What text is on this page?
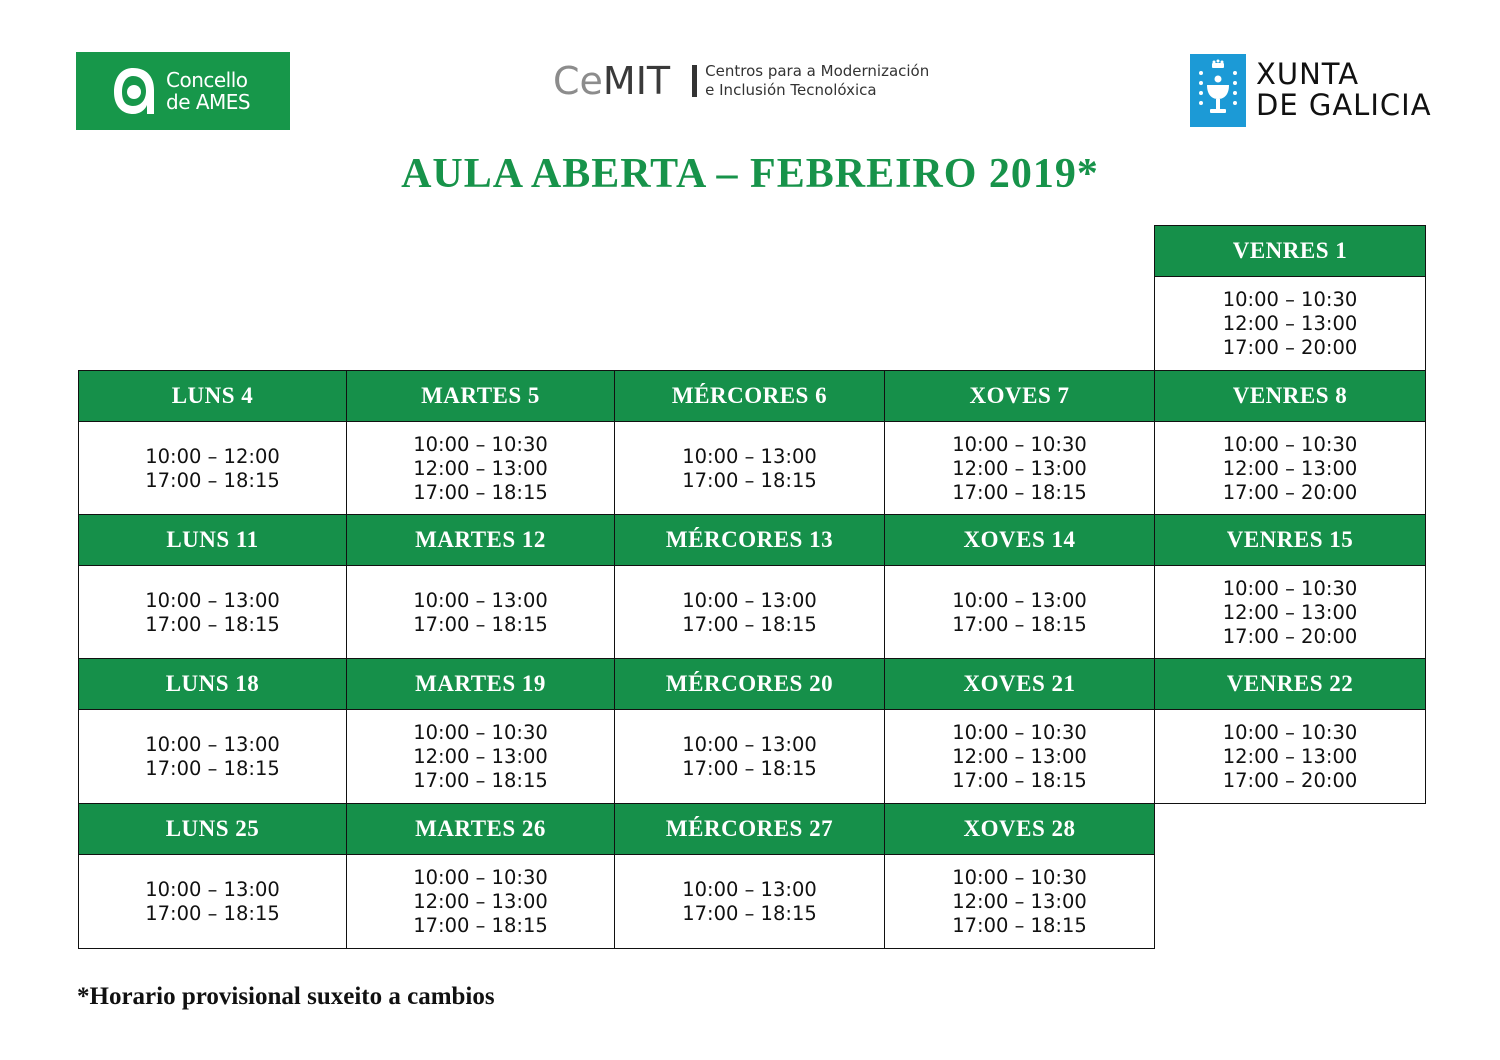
Concello
de AMES	CeMIT Centros para a Modernización
e Inclusión Tecnolóxica	XUNTA
DE GALICIA
AULA ABERTA – FEBREIRO 2019*
VENRES 1
10:00 – 10:30
12:00 – 13:00
17:00 – 20:00
LUNS 4
10:00 – 12:00
17:00 – 18:15
MARTES 5
10:00 – 10:30
12:00 – 13:00
17:00 – 18:15
MÉRCORES 6
10:00 – 13:00
17:00 – 18:15
XOVES 7
10:00 – 10:30
12:00 – 13:00
17:00 – 18:15
VENRES 8
10:00 – 10:30
12:00 – 13:00
17:00 – 20:00
LUNS 11
10:00 – 13:00
17:00 – 18:15
MARTES 12
10:00 – 13:00
17:00 – 18:15
MÉRCORES 13
10:00 – 13:00
17:00 – 18:15
XOVES 14
10:00 – 13:00
17:00 – 18:15
VENRES 15
10:00 – 10:30
12:00 – 13:00
17:00 – 20:00
LUNS 18
10:00 – 13:00
17:00 – 18:15
MARTES 19
10:00 – 10:30
12:00 – 13:00
17:00 – 18:15
MÉRCORES 20
10:00 – 13:00
17:00 – 18:15
XOVES 21
10:00 – 10:30
12:00 – 13:00
17:00 – 18:15
VENRES 22
10:00 – 10:30
12:00 – 13:00
17:00 – 20:00
LUNS 25
10:00 – 13:00
17:00 – 18:15
MARTES 26
10:00 – 10:30
12:00 – 13:00
17:00 – 18:15
MÉRCORES 27
10:00 – 13:00
17:00 – 18:15
XOVES 28
10:00 – 10:30
12:00 – 13:00
17:00 – 18:15
*Horario provisional suxeito a cambios
